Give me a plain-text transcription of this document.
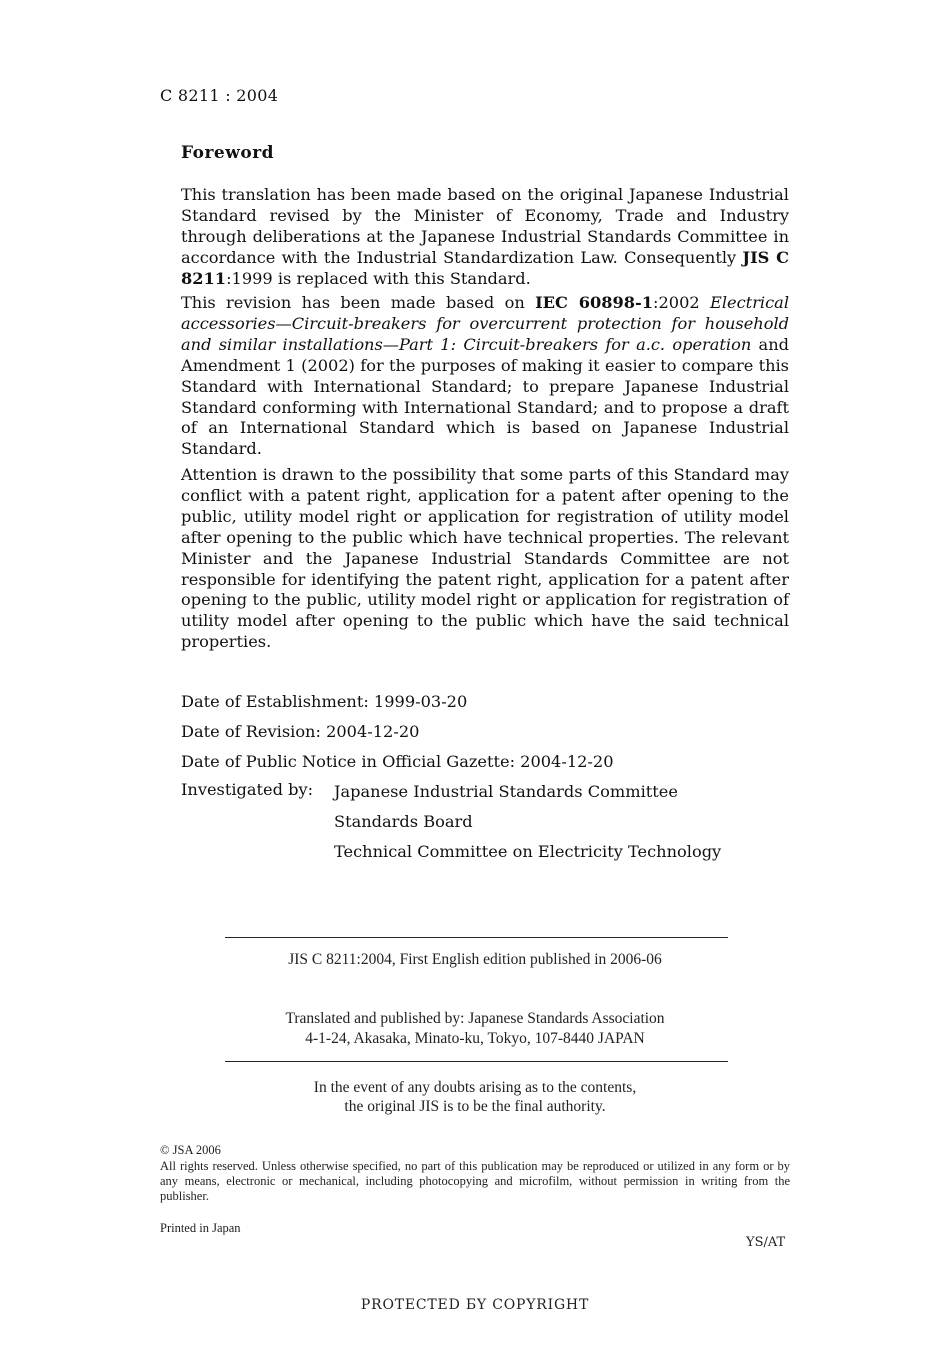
C 8211 : 2004
Foreword
This translation has been made based on the original Japanese Industrial Standard revised by the Minister of Economy, Trade and Industry through deliberations at the Japanese Industrial Standards Committee in accordance with the Industrial Standardization Law. Consequently JIS C 8211:1999 is replaced with this Standard.
This revision has been made based on IEC 60898-1:2002 Electrical accessories—Circuit-breakers for overcurrent protection for household and similar installations—Part 1: Circuit-breakers for a.c. operation and Amendment 1 (2002) for the purposes of making it easier to compare this Standard with International Standard; to prepare Japanese Industrial Standard conforming with International Standard; and to propose a draft of an International Standard which is based on Japanese Industrial Standard.
Attention is drawn to the possibility that some parts of this Standard may conflict with a patent right, application for a patent after opening to the public, utility model right or application for registration of utility model after opening to the public which have technical properties. The relevant Minister and the Japanese Industrial Standards Committee are not responsible for identifying the patent right, application for a patent after opening to the public, utility model right or application for registration of utility model after opening to the public which have the said technical properties.
Date of Establishment: 1999-03-20
Date of Revision: 2004-12-20
Date of Public Notice in Official Gazette: 2004-12-20
Investigated by:	Japanese Industrial Standards Committee
Standards Board
Technical Committee on Electricity Technology
JIS C 8211:2004, First English edition published in 2006-06
Translated and published by: Japanese Standards Association
4-1-24, Akasaka, Minato-ku, Tokyo, 107-8440 JAPAN
In the event of any doubts arising as to the contents,
the original JIS is to be the final authority.
© JSA 2006
All rights reserved. Unless otherwise specified, no part of this publication may be reproduced or utilized in any form or by any means, electronic or mechanical, including photocopying and microfilm, without permission in writing from the publisher.
Printed in Japan
YS/AT
PROTECTED БY COPYRIGHT
